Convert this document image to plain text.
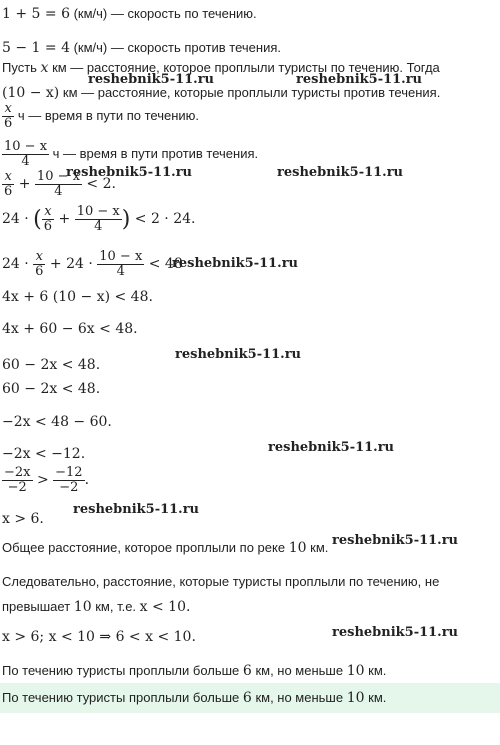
1 + 5 = 6 (км/ч) — скорость по течению.
5 − 1 = 4 (км/ч) — скорость против течения.
Пусть x км — расстояние, которое проплыли туристы по течению. Тогда
(10 − x) км — расстояние, которые проплыли туристы против течения.
$\frac{x}{6}$ ч — время в пути по течению.
$\frac{10 - x}{4}$ ч — время в пути против течения.
$\frac{x}{6} + \frac{10 - x}{4} < 2$.
24 · ( $\frac{x}{6} + \frac{10 - x}{4}$ ) < 2 · 24.
$24 \cdot \frac{x}{6} + 24 \cdot \frac{10 - x}{4} < 48$
4x + 6 (10 − x) < 48.
4x + 60 − 6x < 48.
60 − 2x < 48.
60 − 2x < 48.
−2x < 48 − 60.
−2x < −12.
$\frac{-2x}{-2} > \frac{-12}{-2}$ .
x > 6.
Общее расстояние, которое проплыли по реке 10 км.
Следовательно, расстояние, которые туристы проплыли по течению, не
превышает 10 км, т.е. x < 10.
x > 6; x < 10 ⇒ 6 < x < 10.
По течению туристы проплыли больше 6 км, но меньше 10 км.
По течению туристы проплыли больше 6 км, но меньше 10 км.
reshebnik5-11.ru	reshebnik5-11.ru
reshebnik5-11.ru	reshebnik5-11.ru
reshebnik5-11.ru
reshebnik5-11.ru
reshebnik5-11.ru
reshebnik5-11.ru
reshebnik5-11.ru
reshebnik5-11.ru
